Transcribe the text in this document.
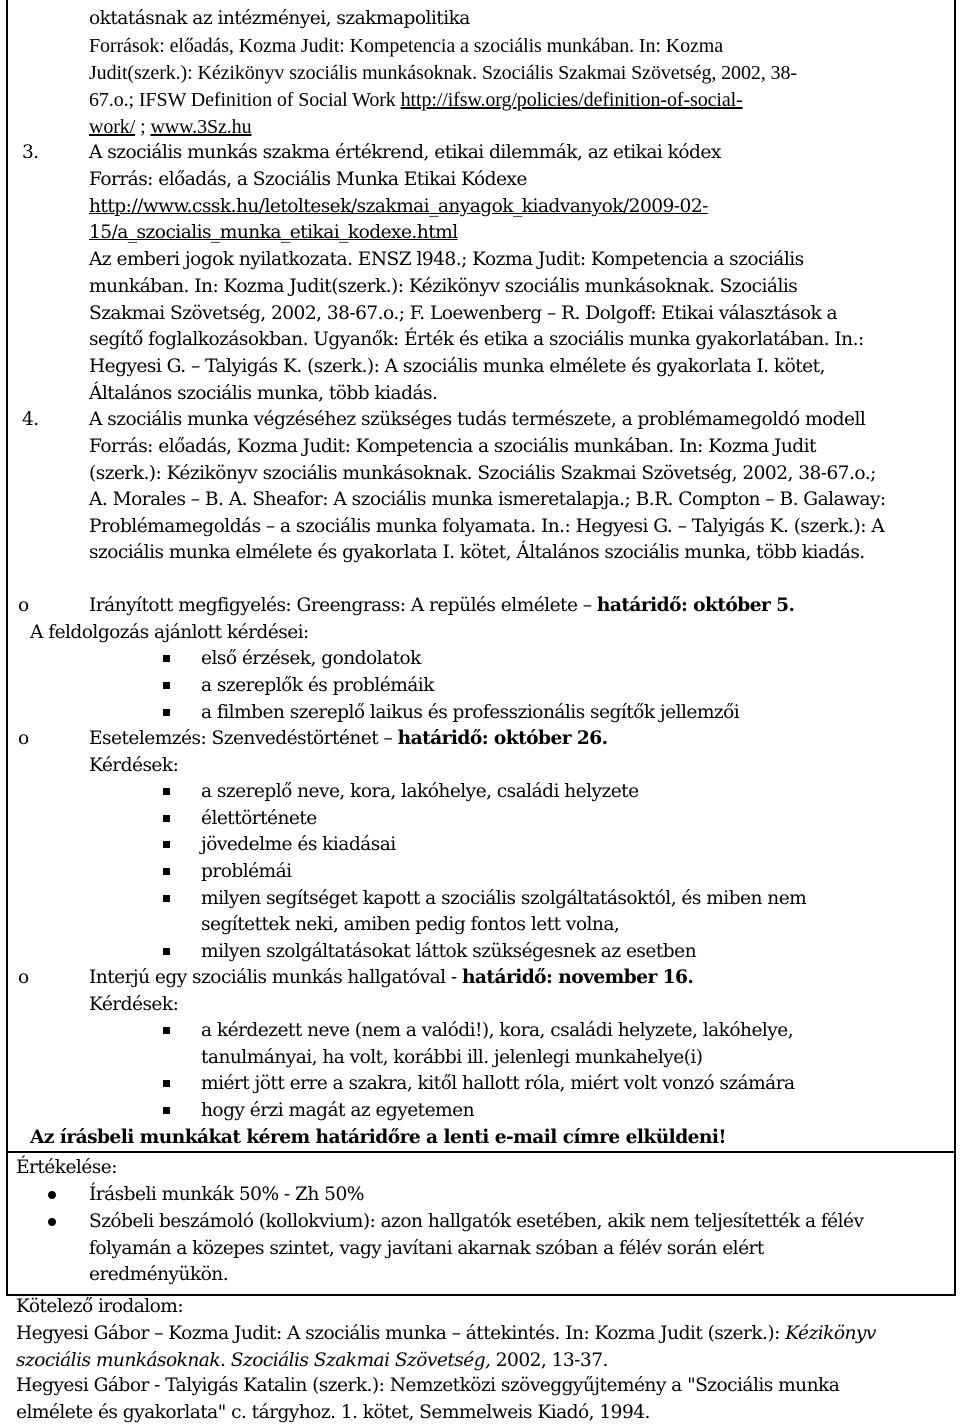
oktatásnak az intézményei, szakmapolitika
Források: előadás, Kozma Judit: Kompetencia a szociális munkában. In: Kozma
Judit(szerk.): Kézikönyv szociális munkásoknak. Szociális Szakmai Szövetség, 2002, 38-
67.o.; IFSW Definition of Social Work http://ifsw.org/policies/definition-of-social-
work/ ; www.3Sz.hu
3.	A szociális munkás szakma értékrend, etikai dilemmák, az etikai kódex
Forrás: előadás, a Szociális Munka Etikai Kódexe
http://www.cssk.hu/letoltesek/szakmai_anyagok_kiadvanyok/2009-02-
15/a_szocialis_munka_etikai_kodexe.html
Az emberi jogok nyilatkozata. ENSZ l948.; Kozma Judit: Kompetencia a szociális
munkában. In: Kozma Judit(szerk.): Kézikönyv szociális munkásoknak. Szociális
Szakmai Szövetség, 2002, 38-67.o.; F. Loewenberg – R. Dolgoff: Etikai választások a
segítő foglalkozásokban. Ugyanők: Érték és etika a szociális munka gyakorlatában. In.:
Hegyesi G. – Talyigás K. (szerk.): A szociális munka elmélete és gyakorlata I. kötet,
Általános szociális munka, több kiadás.
4.	A szociális munka végzéséhez szükséges tudás természete, a problémamegoldó modell
Forrás: előadás, Kozma Judit: Kompetencia a szociális munkában. In: Kozma Judit
(szerk.): Kézikönyv szociális munkásoknak. Szociális Szakmai Szövetség, 2002, 38-67.o.;
A. Morales – B. A. Sheafor: A szociális munka ismeretalapja.; B.R. Compton – B. Galaway:
Problémamegoldás – a szociális munka folyamata. In.: Hegyesi G. – Talyigás K. (szerk.): A
szociális munka elmélete és gyakorlata I. kötet, Általános szociális munka, több kiadás.
o	Irányított megfigyelés: Greengrass: A repülés elmélete – határidő: október 5.
A feldolgozás ajánlott kérdései:
első érzések, gondolatok
a szereplők és problémáik
a filmben szereplő laikus és professzionális segítők jellemzői
o	Esetelemzés: Szenvedéstörténet – határidő: október 26.
Kérdések:
a szereplő neve, kora, lakóhelye, családi helyzete
élettörténete
jövedelme és kiadásai
problémái
milyen segítséget kapott a szociális szolgáltatásoktól, és miben nem
segítettek neki, amiben pedig fontos lett volna,
milyen szolgáltatásokat láttok szükségesnek az esetben
o	Interjú egy szociális munkás hallgatóval - határidő: november 16.
Kérdések:
a kérdezett neve (nem a valódi!), kora, családi helyzete, lakóhelye,
tanulmányai, ha volt, korábbi ill. jelenlegi munkahelye(i)
miért jött erre a szakra, kitől hallott róla, miért volt vonzó számára
hogy érzi magát az egyetemen
Az írásbeli munkákat kérem határidőre a lenti e-mail címre elküldeni!
Értékelése:
Írásbeli munkák 50% - Zh 50%
Szóbeli beszámoló (kollokvium): azon hallgatók esetében, akik nem teljesítették a félév
folyamán a közepes szintet, vagy javítani akarnak szóban a félév során elért
eredményükön.
Kötelező irodalom:
Hegyesi Gábor – Kozma Judit: A szociális munka – áttekintés. In: Kozma Judit (szerk.): Kézikönyv
szociális munkásoknak. Szociális Szakmai Szövetség, 2002, 13-37.
Hegyesi Gábor - Talyigás Katalin (szerk.): Nemzetközi szöveggyűjtemény a "Szociális munka
elmélete és gyakorlata" c. tárgyhoz. 1. kötet, Semmelweis Kiadó, 1994.
